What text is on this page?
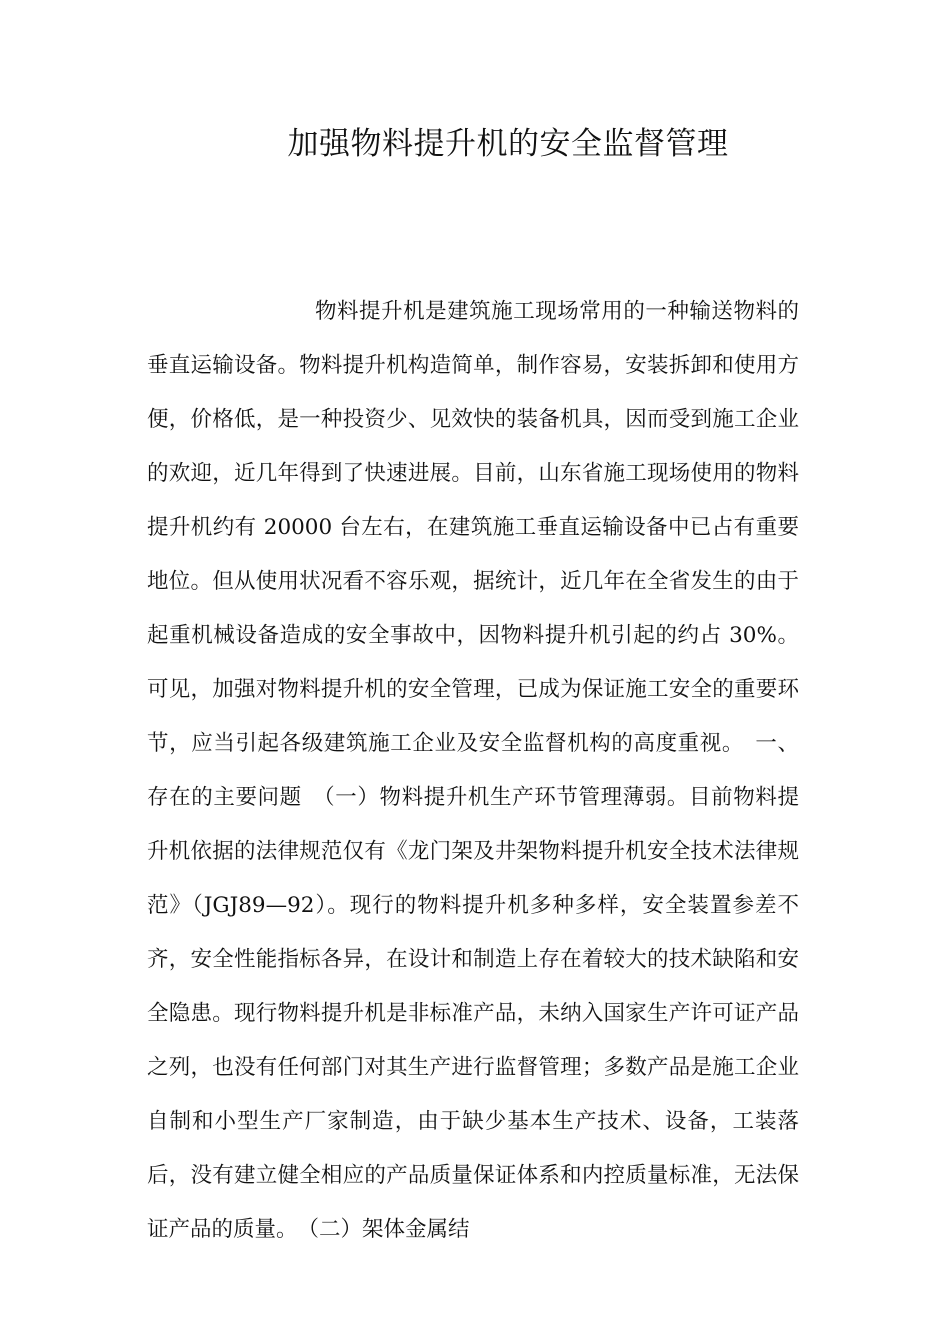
加强物料提升机的安全监督管理

物料提升机是建筑施工现场常用的一种输送物料的垂直运输设备。物料提升机构造简单，制作容易，安装拆卸和使用方便，价格低，是一种投资少、见效快的装备机具，因而受到施工企业的欢迎，近几年得到了快速进展。目前，山东省施工现场使用的物料提升机约有 20000 台左右，在建筑施工垂直运输设备中已占有重要地位。但从使用状况看不容乐观，据统计，近几年在全省发生的由于起重机械设备造成的安全事故中，因物料提升机引起的约占 30%。可见，加强对物料提升机的安全管理，已成为保证施工安全的重要环节，应当引起各级建筑施工企业及安全监督机构的高度重视。　一、存在的主要问题　（一）物料提升机生产环节管理薄弱。目前物料提升机依据的法律规范仅有《龙门架及井架物料提升机安全技术法律规范》（JGJ89—92）。现行的物料提升机多种多样，安全装置参差不齐，安全性能指标各异，在设计和制造上存在着较大的技术缺陷和安全隐患。现行物料提升机是非标准产品，未纳入国家生产许可证产品之列，也没有任何部门对其生产进行监督管理；多数产品是施工企业自制和小型生产厂家制造，由于缺少基本生产技术、设备，工装落后，没有建立健全相应的产品质量保证体系和内控质量标准，无法保证产品的质量。　（二）架体金属结
